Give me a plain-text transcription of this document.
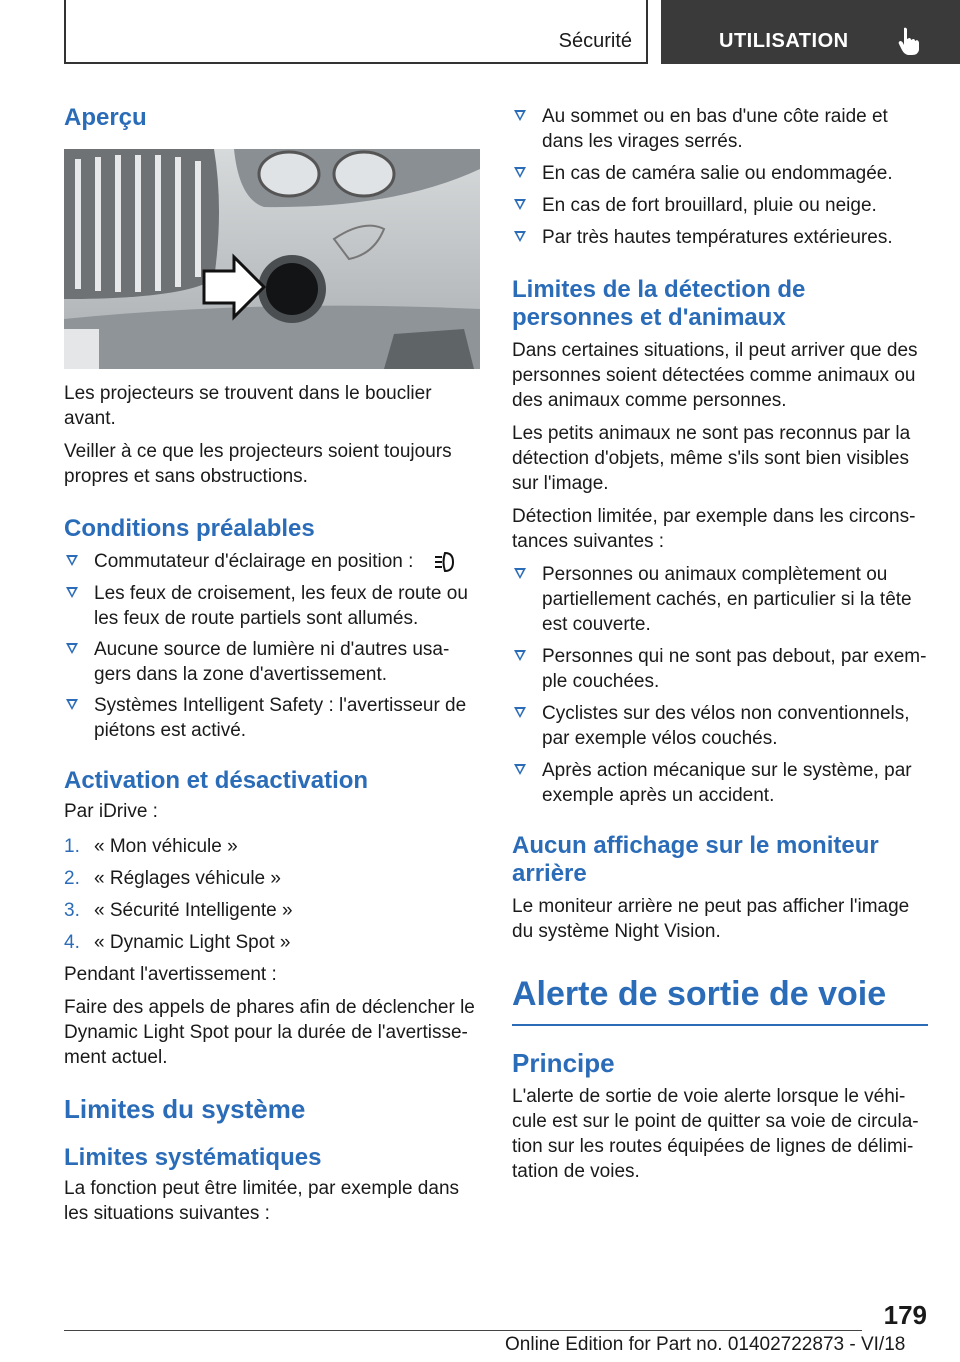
Sécurité	UTILISATION
Aperçu

Les projecteurs se trouvent dans le bouclier avant.

Veiller à ce que les projecteurs soient toujours propres et sans obstructions.

Conditions préalables
Commutateur d'éclairage en position :
Les feux de croisement, les feux de route ou les feux de route partiels sont allumés.
Aucune source de lumière ni d'autres usa-gers dans la zone d'avertissement.
Systèmes Intelligent Safety : l'avertisseur de piétons est activé.
Activation et désactivation

Par iDrive :

1. « Mon véhicule »
2. « Réglages véhicule »
3. « Sécurité Intelligente »
4. « Dynamic Light Spot »

Pendant l'avertissement :

Faire des appels de phares afin de déclencher le Dynamic Light Spot pour la durée de l'avertisse-ment actuel.

Limites du système
Limites systématiques

La fonction peut être limitée, par exemple dans les situations suivantes :

Au sommet ou en bas d'une côte raide et dans les virages serrés.
En cas de caméra salie ou endommagée.
En cas de fort brouillard, pluie ou neige.
Par très hautes températures extérieures.
Limites de la détection de personnes et d'animaux

Dans certaines situations, il peut arriver que des personnes soient détectées comme animaux ou des animaux comme personnes.

Les petits animaux ne sont pas reconnus par la détection d'objets, même s'ils sont bien visibles sur l'image.

Détection limitée, par exemple dans les circons-tances suivantes :

Personnes ou animaux complètement ou partiellement cachés, en particulier si la tête est couverte.
Personnes qui ne sont pas debout, par exem-ple couchées.
Cyclistes sur des vélos non conventionnels, par exemple vélos couchés.
Après action mécanique sur le système, par exemple après un accident.
Aucun affichage sur le moniteur arrière

Le moniteur arrière ne peut pas afficher l'image du système Night Vision.

Alerte de sortie de voie
Principe

L'alerte de sortie de voie alerte lorsque le véhi-cule est sur le point de quitter sa voie de circula-tion sur les routes équipées de lignes de délimi-tation de voies.

179
Online Edition for Part no. 01402722873 - VI/18
